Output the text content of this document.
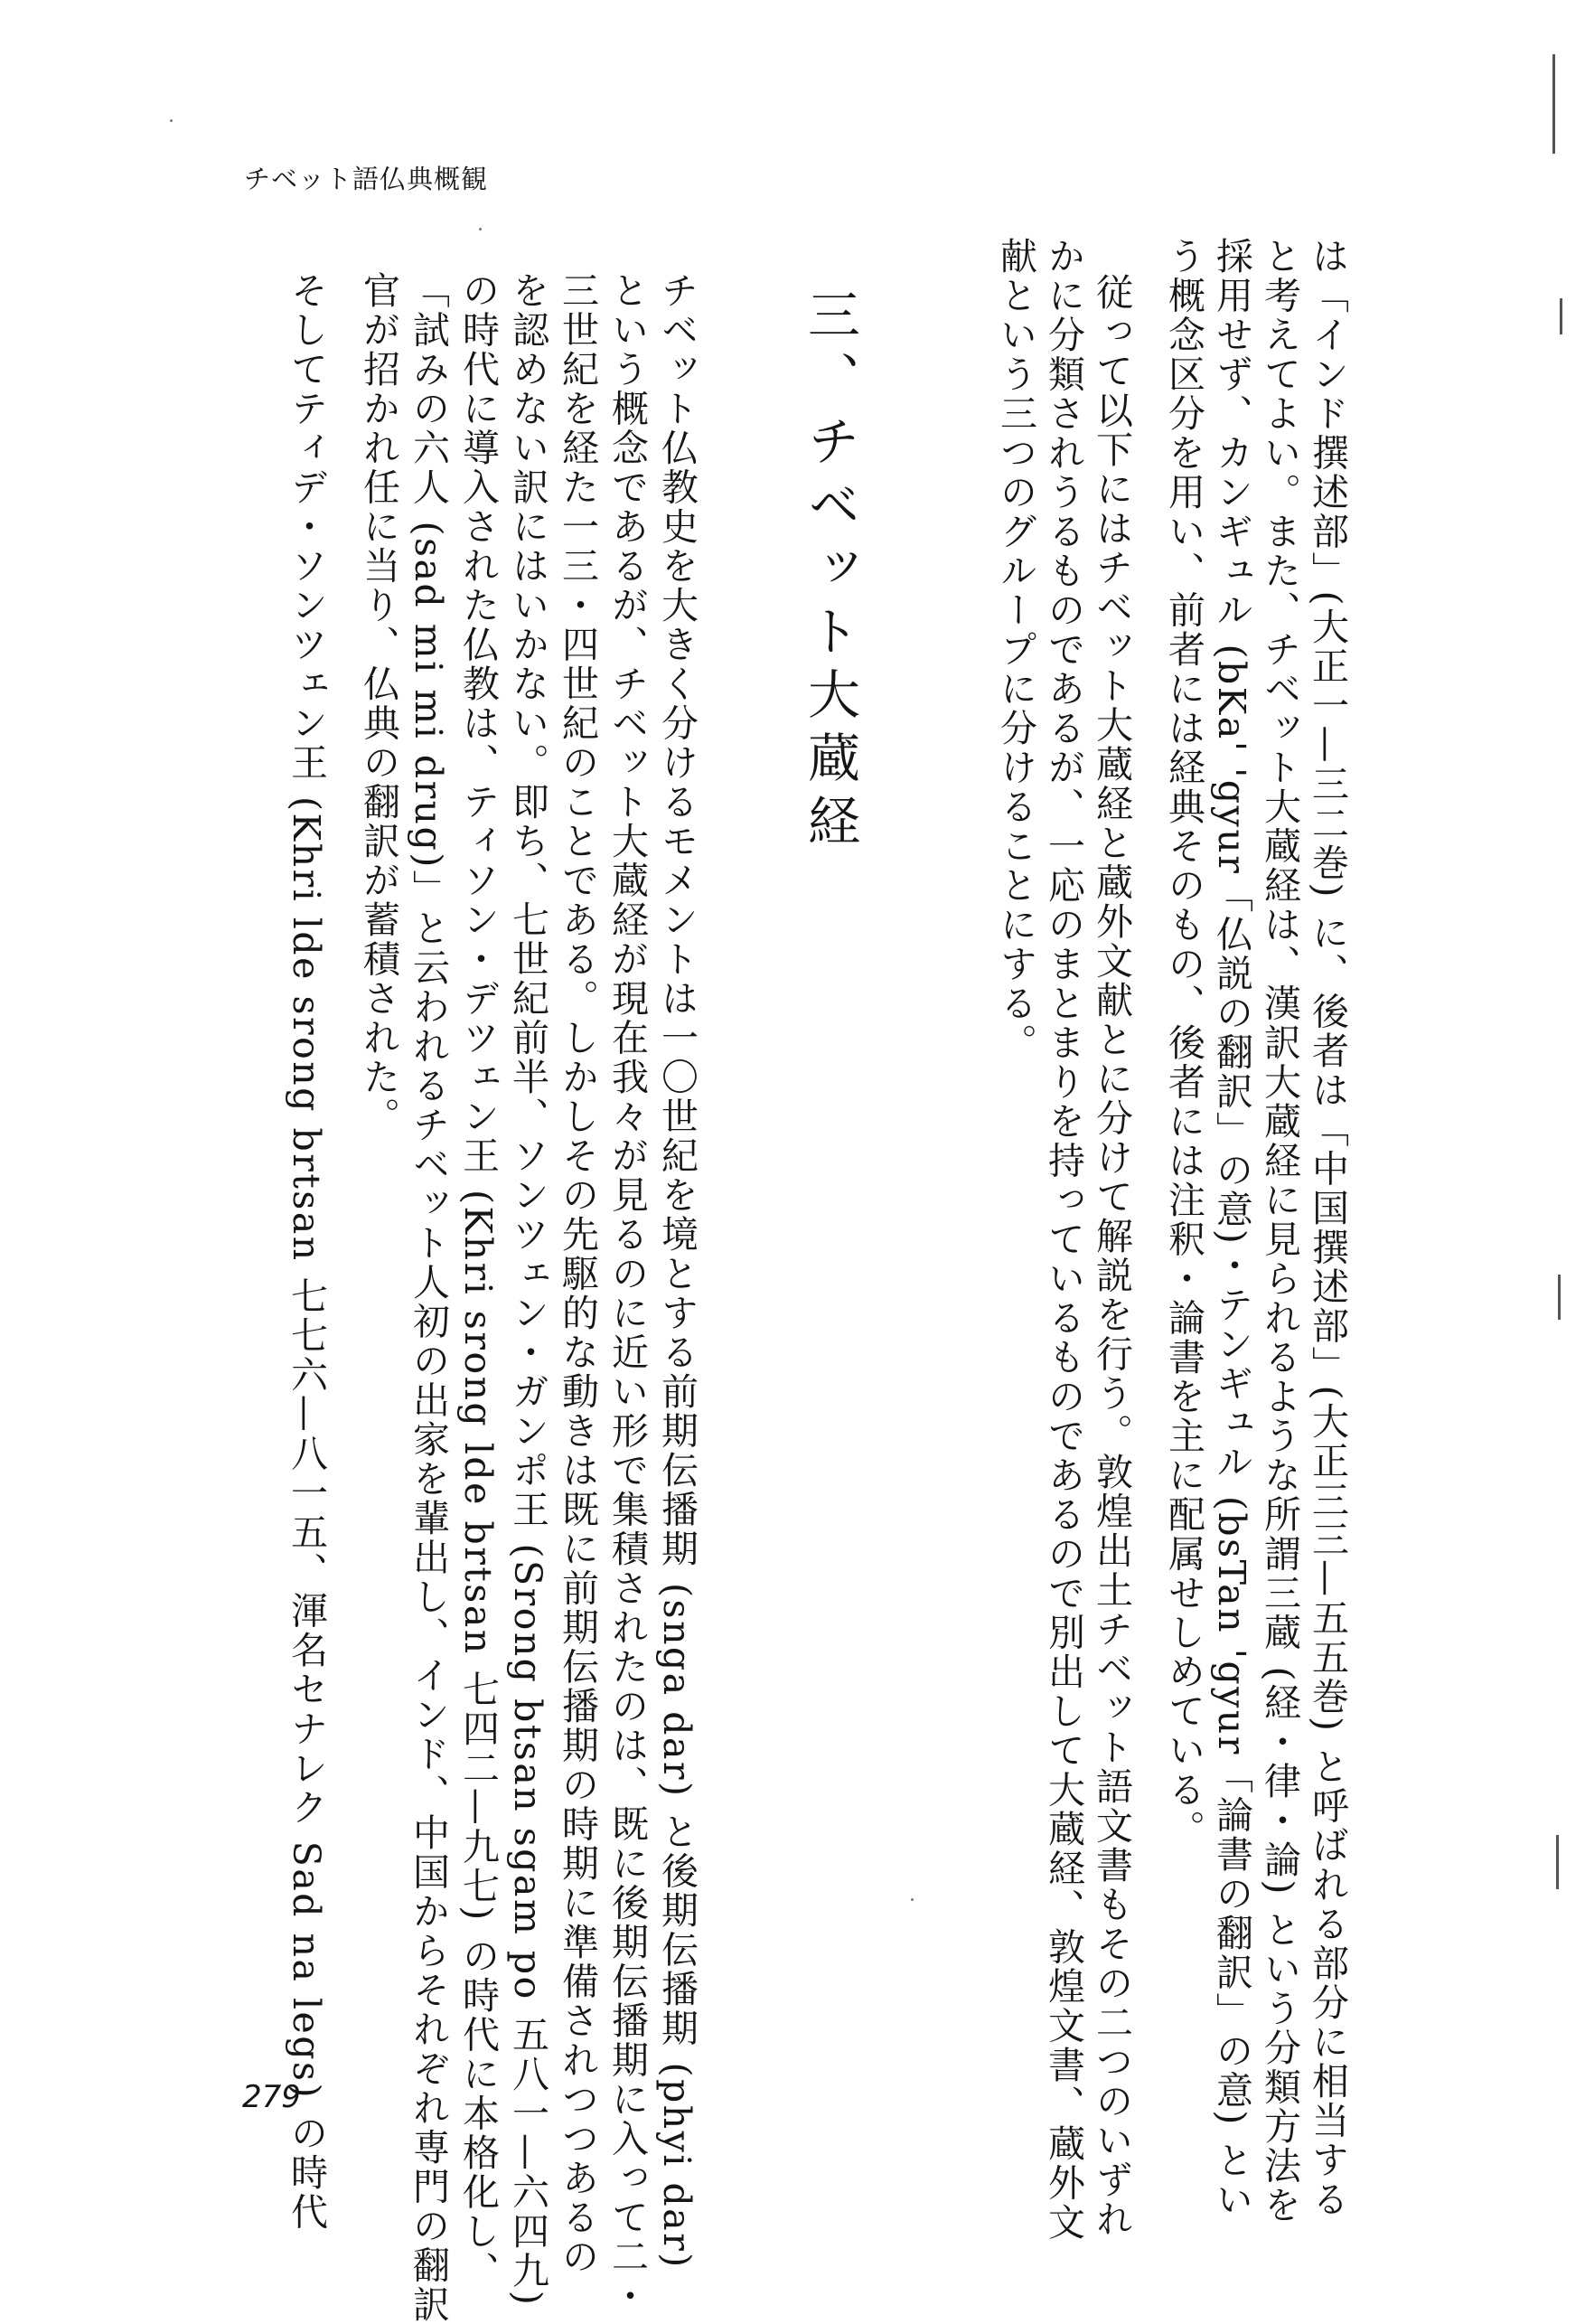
チベット語仏典概観
は「インド撰述部」(大正一—三二巻) に、後者は「中国撰述部」(大正三三—五五巻) と呼ばれる部分に相当する
と考えてよい。また、チベット大蔵経は、漢訳大蔵経に見られるような所謂三蔵 (経・律・論) という分類方法を
採用せず、カンギュル (bKa' 'gyur「仏説の翻訳」の意)・テンギュル (bsTan 'gyur「論書の翻訳」の意) とい
う概念区分を用い、前者には経典そのもの、後者には注釈・論書を主に配属せしめている。
従って以下にはチベット大蔵経と蔵外文献とに分けて解説を行う。敦煌出土チベット語文書もその二つのいずれ
かに分類されうるものであるが、一応のまとまりを持っているものであるので別出して大蔵経、敦煌文書、蔵外文
献という三つのグループに分けることにする。
三、チベット大蔵経
チベット仏教史を大きく分けるモメントは一〇世紀を境とする前期伝播期 (snga dar) と後期伝播期 (phyi dar)
という概念であるが、チベット大蔵経が現在我々が見るのに近い形で集積されたのは、既に後期伝播期に入って二・
三世紀を経た一三・四世紀のことである。しかしその先駆的な動きは既に前期伝播期の時期に準備されつつあるの
を認めない訳にはいかない。即ち、七世紀前半、ソンツェン・ガンポ王 (Srong btsan sgam po 五八一—六四九)
の時代に導入された仏教は、ティソン・デツェン王 (Khri srong lde brtsan 七四二—九七) の時代に本格化し、
「試みの六人 (sad mi mi drug)」と云われるチベット人初の出家を輩出し、インド、中国からそれぞれ専門の翻訳
官が招かれ任に当り、仏典の翻訳が蓄積された。
そしてティデ・ソンツェン王 (Khri lde srong brtsan 七七六—八一五、渾名セナレク Sad na legs) の時代
279
